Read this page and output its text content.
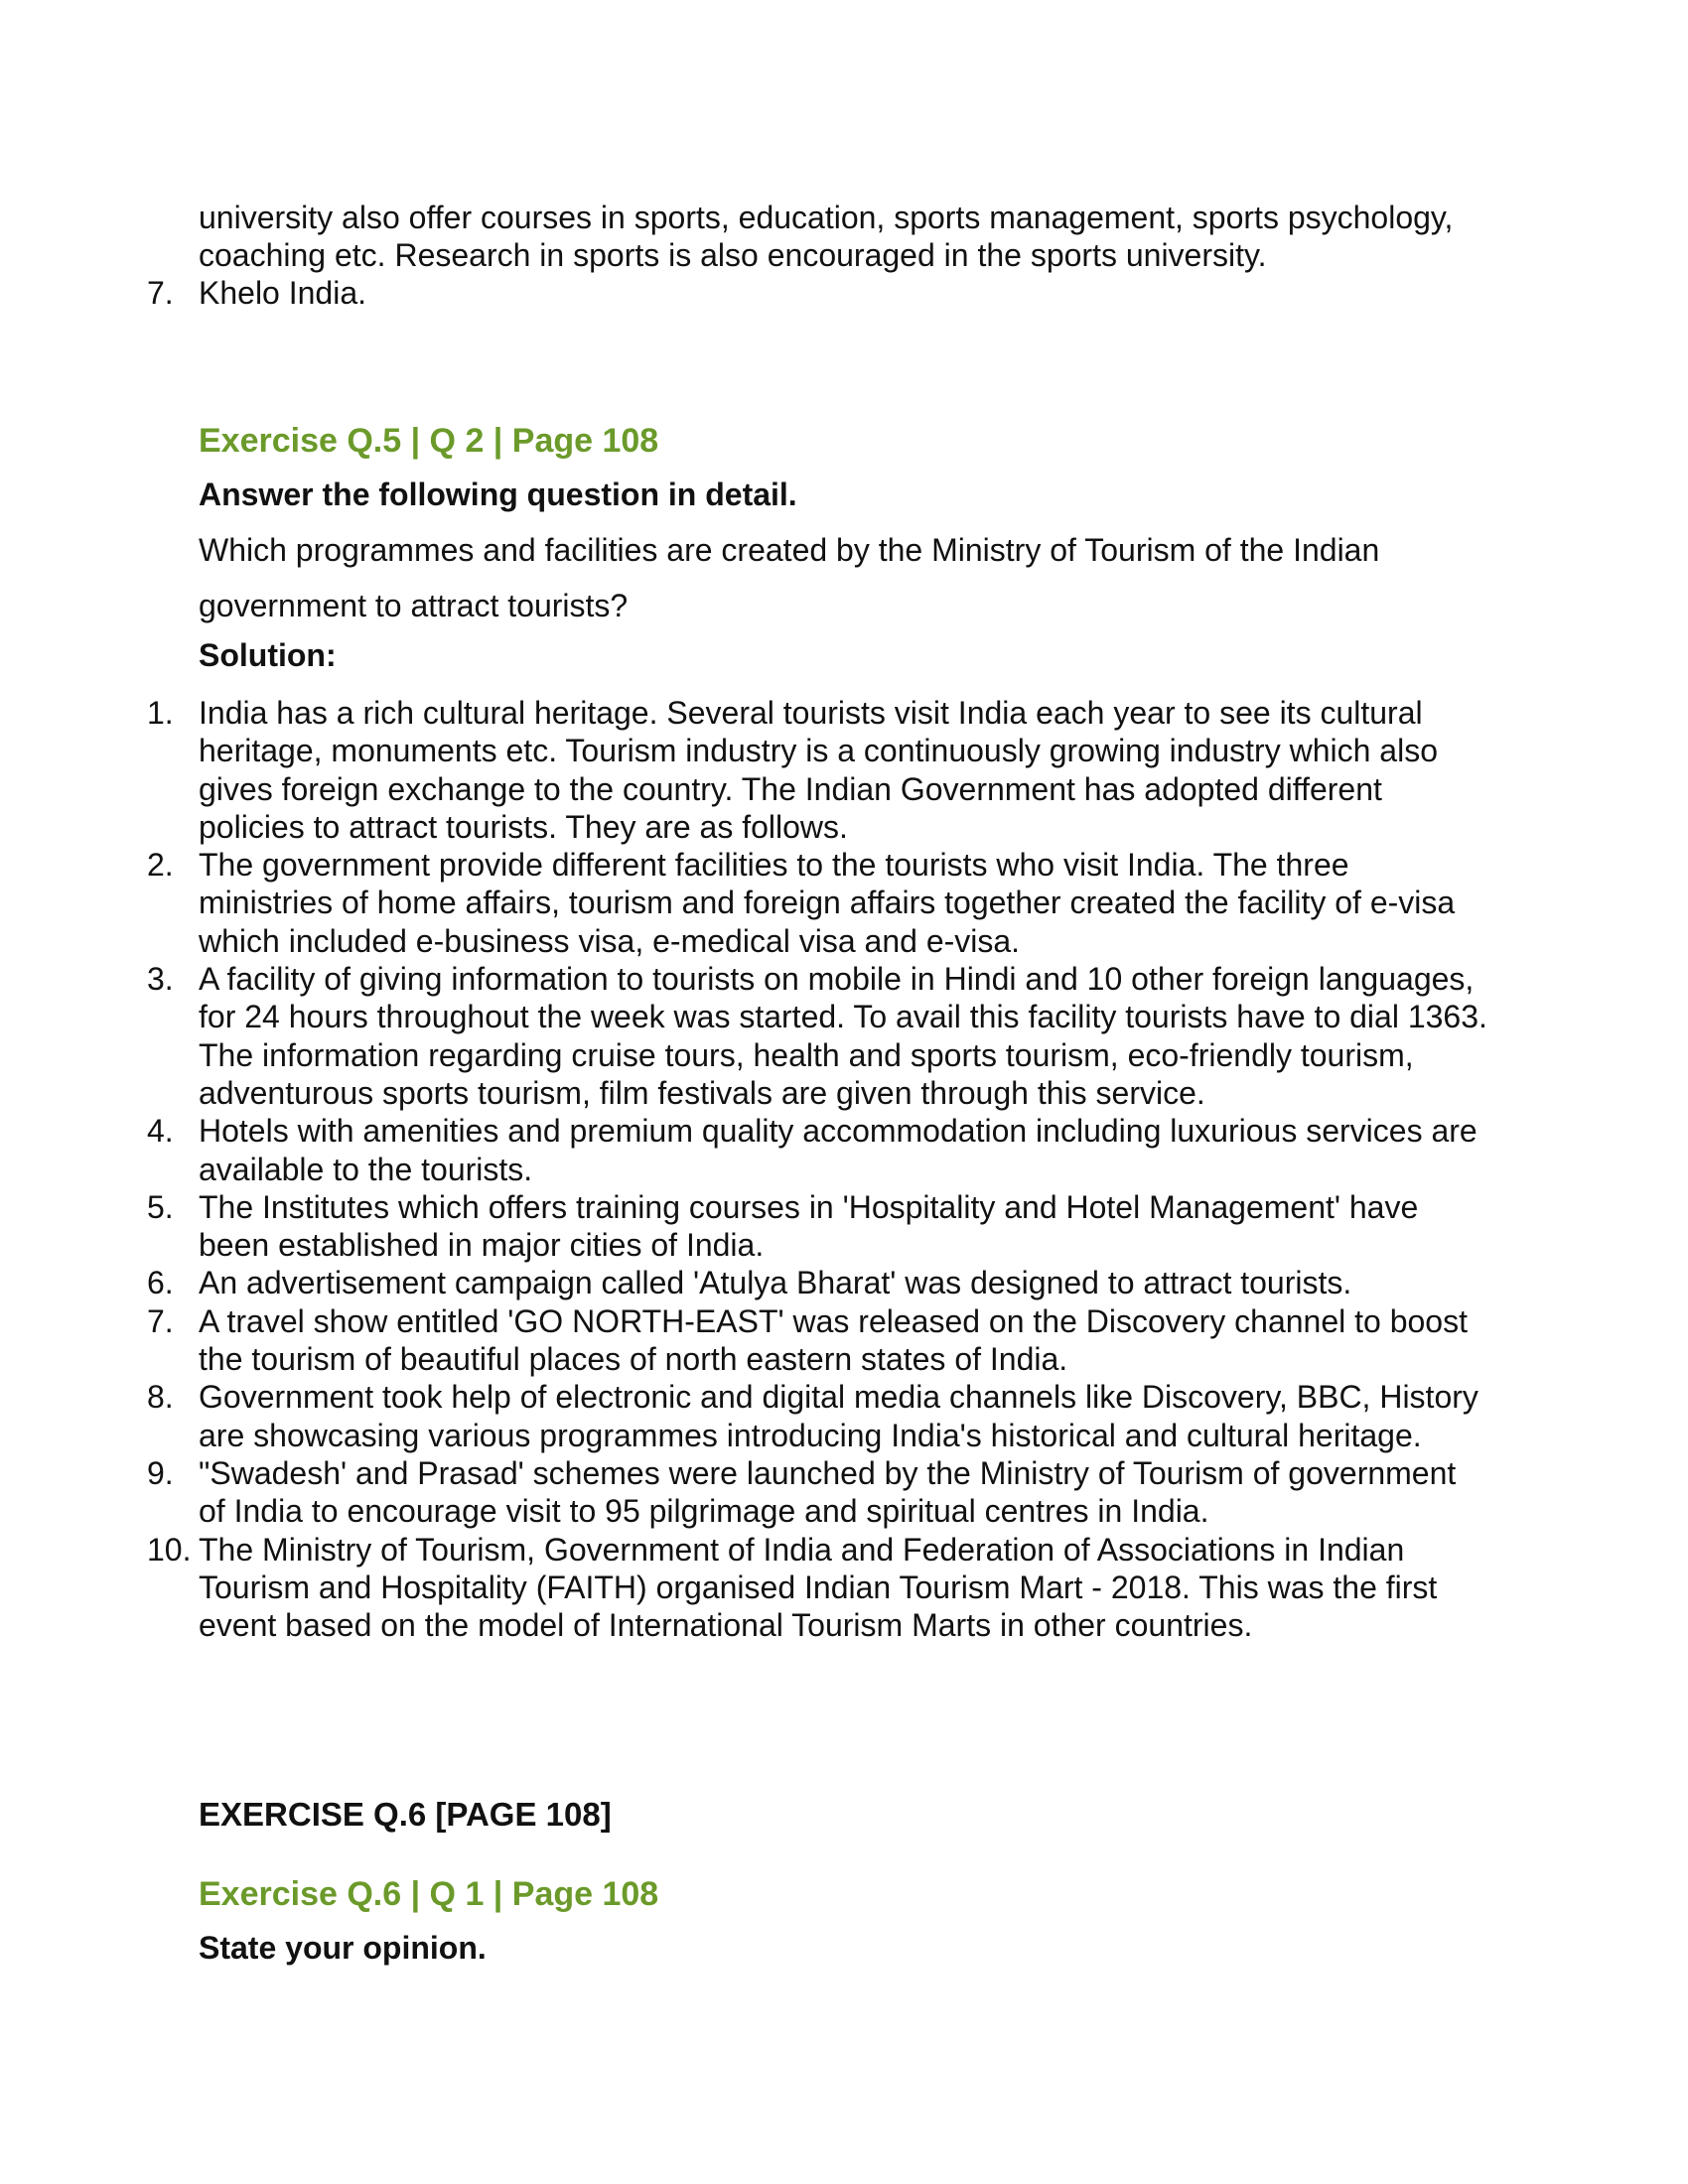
university also offer courses in sports, education, sports management, sports psychology, coaching etc. Research in sports is also encouraged in the sports university.

7. Khelo India.
Exercise Q.5 | Q 2 | Page 108
Answer the following question in detail.

Which programmes and facilities are created by the Ministry of Tourism of the Indian government to attract tourists?

Solution:
1. India has a rich cultural heritage. Several tourists visit India each year to see its cultural heritage, monuments etc. Tourism industry is a continuously growing industry which also gives foreign exchange to the country. The Indian Government has adopted different policies to attract tourists. They are as follows.
2. The government provide different facilities to the tourists who visit India. The three ministries of home affairs, tourism and foreign affairs together created the facility of e-visa which included e-business visa, e-medical visa and e-visa.
3. A facility of giving information to tourists on mobile in Hindi and 10 other foreign languages, for 24 hours throughout the week was started. To avail this facility tourists have to dial 1363. The information regarding cruise tours, health and sports tourism, eco-friendly tourism, adventurous sports tourism, film festivals are given through this service.
4. Hotels with amenities and premium quality accommodation including luxurious services are available to the tourists.
5. The Institutes which offers training courses in 'Hospitality and Hotel Management' have been established in major cities of India.
6. An advertisement campaign called 'Atulya Bharat' was designed to attract tourists.
7. A travel show entitled 'GO NORTH-EAST' was released on the Discovery channel to boost the tourism of beautiful places of north eastern states of India.
8. Government took help of electronic and digital media channels like Discovery, BBC, History are showcasing various programmes introducing India's historical and cultural heritage.
9. "Swadesh' and Prasad' schemes were launched by the Ministry of Tourism of government of India to encourage visit to 95 pilgrimage and spiritual centres in India.
10. The Ministry of Tourism, Government of India and Federation of Associations in Indian Tourism and Hospitality (FAITH) organised Indian Tourism Mart - 2018. This was the first event based on the model of International Tourism Marts in other countries.
EXERCISE Q.6 [PAGE 108]
Exercise Q.6 | Q 1 | Page 108
State your opinion.
